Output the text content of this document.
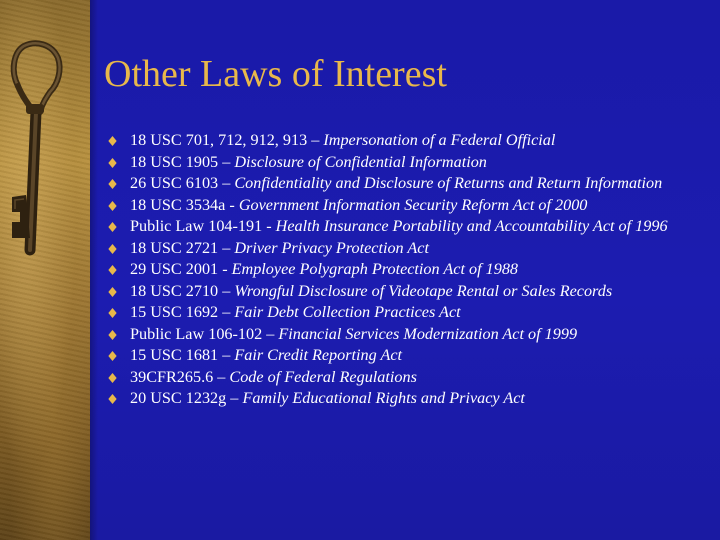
Other Laws of Interest
18 USC 701, 712, 912, 913 – Impersonation of a Federal Official
18 USC 1905 – Disclosure of Confidential Information
26 USC 6103 – Confidentiality and Disclosure of Returns and Return Information
18 USC 3534a - Government Information Security Reform Act of 2000
Public Law 104-191 - Health Insurance Portability and Accountability Act of 1996
18 USC 2721 – Driver Privacy Protection Act
29 USC 2001 - Employee Polygraph Protection Act of 1988
18 USC 2710 – Wrongful Disclosure of Videotape Rental or Sales Records
15 USC 1692 – Fair Debt Collection Practices Act
Public Law 106-102 – Financial Services Modernization Act of 1999
15 USC 1681 – Fair Credit Reporting Act
39CFR265.6 – Code of Federal Regulations
20 USC 1232g – Family Educational Rights and Privacy Act
